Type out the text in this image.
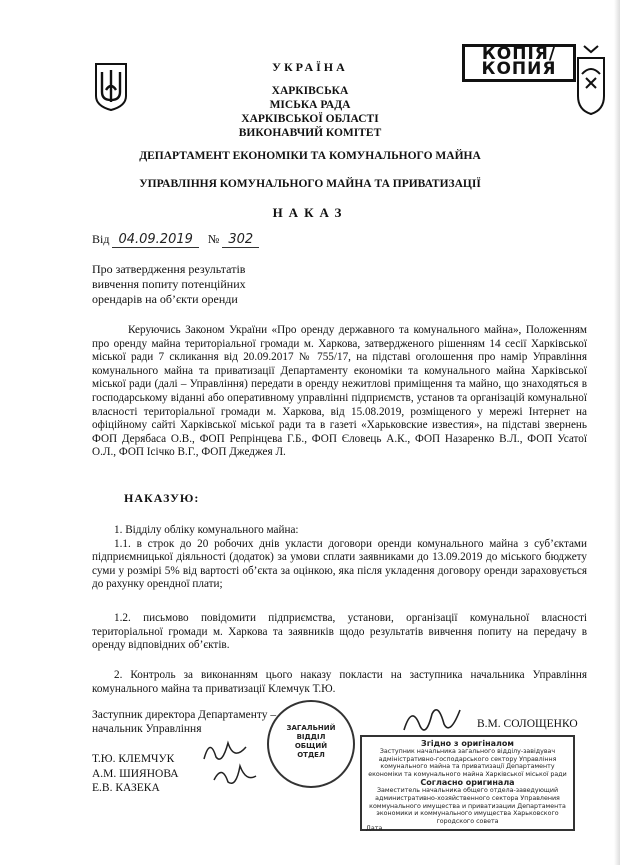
КОПІЯ/
КОПИЯ
УКРАЇНА
ХАРКІВСЬКА
МІСЬКА РАДА
ХАРКІВСЬКОЇ ОБЛАСТІ
ВИКОНАВЧИЙ КОМІТЕТ
ДЕПАРТАМЕНТ ЕКОНОМІКИ ТА КОМУНАЛЬНОГО МАЙНА
УПРАВЛІННЯ КОМУНАЛЬНОГО МАЙНА ТА ПРИВАТИЗАЦІЇ
НАКАЗ
Від 04.09.2019 № 302
Про затвердження результатів
вивчення попиту потенційних
орендарів на об’єкти оренди
Керуючись Законом України «Про оренду державного та комунального майна», Положенням про оренду майна територіальної громади м. Харкова, затвердженого рішенням 14 сесії Харківської міської ради 7 скликання від 20.09.2017 № 755/17, на підставі оголошення про намір Управління комунального майна та приватизації Департаменту економіки та комунального майна Харківської міської ради (далі – Управління) передати в оренду нежитлові приміщення та майно, що знаходяться в господарському віданні або оперативному управлінні підприємств, установ та організацій комунальної власності територіальної громади м. Харкова, від 15.08.2019, розміщеного у мережі Інтернет на офіційному сайті Харківської міської ради та в газеті «Харьковские известия», на підставі звернень ФОП Дерябаса О.В., ФОП Репрінцева Г.Б., ФОП Єловець А.К., ФОП Назаренко В.Л., ФОП Усатої О.Л., ФОП Ісічко В.Г., ФОП Джеджея Л.
НАКАЗУЮ:
1. Відділу обліку комунального майна:
1.1. в строк до 20 робочих днів укласти договори оренди комунального майна з суб’єктами підприємницької діяльності (додаток) за умови сплати заявниками до 13.09.2019 до міського бюджету суми у розмірі 5% від вартості об’єкта за оцінкою, яка після укладення договору оренди зараховується до рахунку орендної плати;
1.2. письмово повідомити підприємства, установи, організації комунальної власності територіальної громади м. Харкова та заявників щодо результатів вивчення попиту на передачу в оренду відповідних об’єктів.
2. Контроль за виконанням цього наказу покласти на заступника начальника Управління комунального майна та приватизації Клемчук Т.Ю.
Заступник директора Департаменту –
начальник Управління	В.М. СОЛОЩЕНКО
Т.Ю. КЛЕМЧУК
А.М. ШИЯНОВА
Е.В. КАЗЕКА
ЗАГАЛЬНИЙ ВІДДІЛ ОБЩИЙ ОТДЕЛ
Згідно з оригіналом
Заступник начальника загального відділу-завідувач адміністративно-господарського сектору Управління комунального майна та приватизації Департаменту економіки та комунального майна Харківської міської ради
Согласно оригинала
Заместитель начальника общего отдела-заведующий административно-хозяйственного сектора Управления коммунального имущества и приватизации Департамента экономики и коммунального имущества Харьковского городского совета
Дата
